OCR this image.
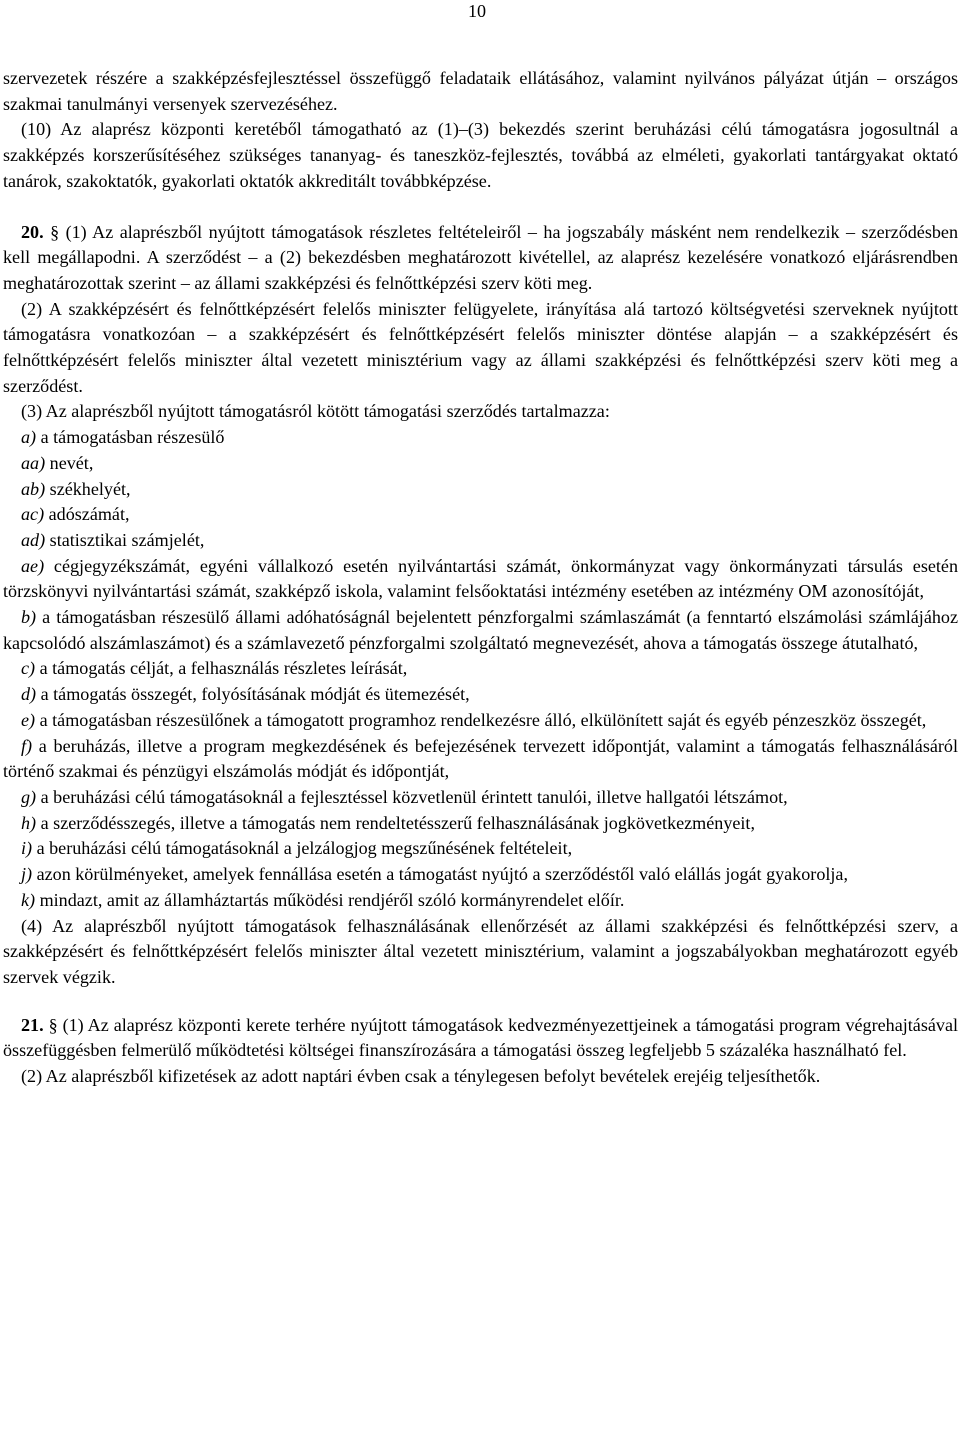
10

szervezetek részére a szakképzésfejlesztéssel összefüggő feladataik ellátásához, valamint nyilvános pályázat útján – országos szakmai tanulmányi versenyek szervezéséhez.

(10) Az alaprész központi keretéből támogatható az (1)–(3) bekezdés szerint beruházási célú támogatásra jogosultnál a szakképzés korszerűsítéséhez szükséges tananyag- és taneszköz-fejlesztés, továbbá az elméleti, gyakorlati tantárgyakat oktató tanárok, szakoktatók, gyakorlati oktatók akkreditált továbbképzése.

20. § (1) Az alaprészből nyújtott támogatások részletes feltételeiről – ha jogszabály másként nem rendelkezik – szerződésben kell megállapodni. A szerződést – a (2) bekezdésben meghatározott kivétellel, az alaprész kezelésére vonatkozó eljárásrendben meghatározottak szerint – az állami szakképzési és felnőttképzési szerv köti meg.

(2) A szakképzésért és felnőttképzésért felelős miniszter felügyelete, irányítása alá tartozó költségvetési szerveknek nyújtott támogatásra vonatkozóan – a szakképzésért és felnőttképzésért felelős miniszter döntése alapján – a szakképzésért és felnőttképzésért felelős miniszter által vezetett minisztérium vagy az állami szakképzési és felnőttképzési szerv köti meg a szerződést.

(3) Az alaprészből nyújtott támogatásról kötött támogatási szerződés tartalmazza:

a) a támogatásban részesülő

aa) nevét,

ab) székhelyét,

ac) adószámát,

ad) statisztikai számjelét,

ae) cégjegyzékszámát, egyéni vállalkozó esetén nyilvántartási számát, önkormányzat vagy önkormányzati társulás esetén törzskönyvi nyilvántartási számát, szakképző iskola, valamint felsőoktatási intézmény esetében az intézmény OM azonosítóját,

b) a támogatásban részesülő állami adóhatóságnál bejelentett pénzforgalmi számlaszámát (a fenntartó elszámolási számlájához kapcsolódó alszámlaszámot) és a számlavezető pénzforgalmi szolgáltató megnevezését, ahova a támogatás összege átutalható,

c) a támogatás célját, a felhasználás részletes leírását,

d) a támogatás összegét, folyósításának módját és ütemezését,

e) a támogatásban részesülőnek a támogatott programhoz rendelkezésre álló, elkülönített saját és egyéb pénzeszköz összegét,

f) a beruházás, illetve a program megkezdésének és befejezésének tervezett időpontját, valamint a támogatás felhasználásáról történő szakmai és pénzügyi elszámolás módját és időpontját,

g) a beruházási célú támogatásoknál a fejlesztéssel közvetlenül érintett tanulói, illetve hallgatói létszámot,

h) a szerződésszegés, illetve a támogatás nem rendeltetésszerű felhasználásának jogkövetkezményeit,

i) a beruházási célú támogatásoknál a jelzálogjog megszűnésének feltételeit,

j) azon körülményeket, amelyek fennállása esetén a támogatást nyújtó a szerződéstől való elállás jogát gyakorolja,

k) mindazt, amit az államháztartás működési rendjéről szóló kormányrendelet előír.

(4) Az alaprészből nyújtott támogatások felhasználásának ellenőrzését az állami szakképzési és felnőttképzési szerv, a szakképzésért és felnőttképzésért felelős miniszter által vezetett minisztérium, valamint a jogszabályokban meghatározott egyéb szervek végzik.

21. § (1) Az alaprész központi kerete terhére nyújtott támogatások kedvezményezettjeinek a támogatási program végrehajtásával összefüggésben felmerülő működtetési költségei finanszírozására a támogatási összeg legfeljebb 5 százaléka használható fel.

(2) Az alaprészből kifizetések az adott naptári évben csak a ténylegesen befolyt bevételek erejéig teljesíthetők.
